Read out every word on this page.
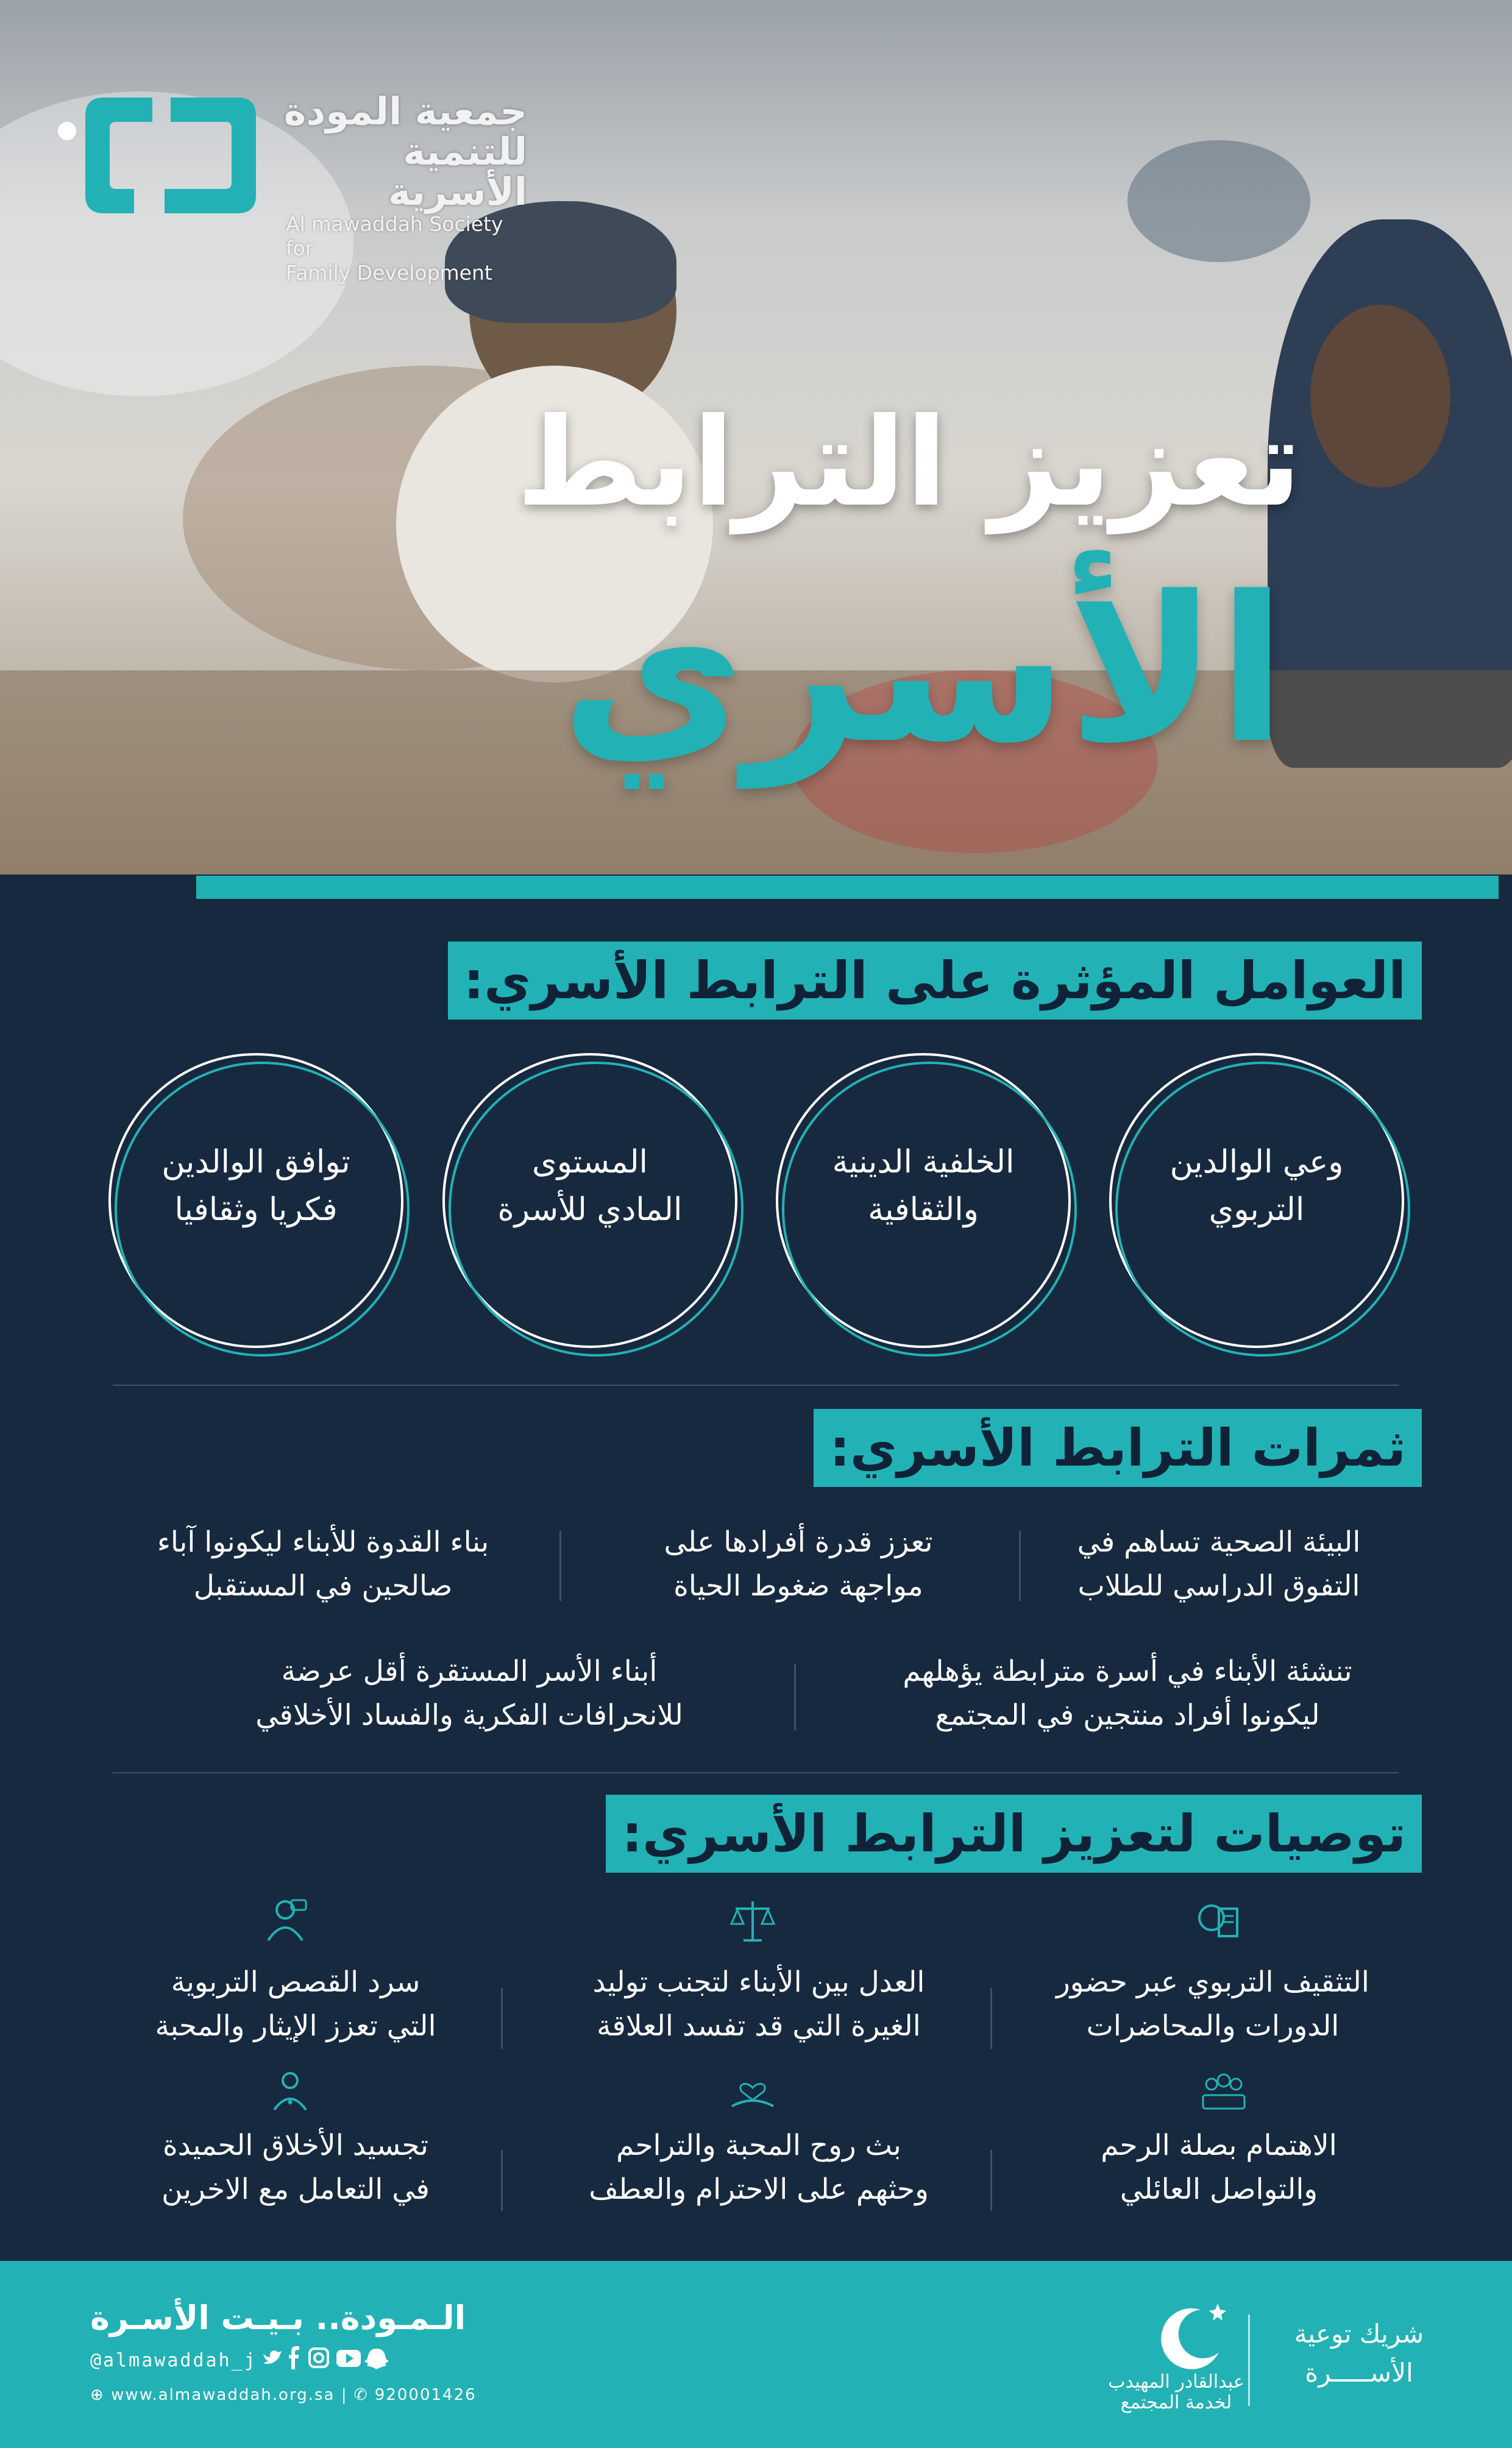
جمعية المودة
للتنمية الأسرية
Al mawaddah Society for
Family Development
تعزيز الترابط
الأسري
العوامل المؤثرة على الترابط الأسري:
وعي الوالدين
التربوي
الخلفية الدينية
والثقافية
المستوى
المادي للأسرة
توافق الوالدين
فكريا وثقافيا
ثمرات الترابط الأسري:
البيئة الصحية تساهم في
التفوق الدراسي للطلاب
تعزز قدرة أفرادها على
مواجهة ضغوط الحياة
بناء القدوة للأبناء ليكونوا آباء
صالحين في المستقبل
تنشئة الأبناء في أسرة مترابطة يؤهلهم
ليكونوا أفراد منتجين في المجتمع
أبناء الأسر المستقرة أقل عرضة
للانحرافات الفكرية والفساد الأخلاقي
توصيات لتعزيز الترابط الأسري:
التثقيف التربوي عبر حضور
الدورات والمحاضرات
العدل بين الأبناء لتجنب توليد
الغيرة التي قد تفسد العلاقة
سرد القصص التربوية
التي تعزز الإيثار والمحبة
الاهتمام بصلة الرحم
والتواصل العائلي
بث روح المحبة والتراحم
وحثهم على الاحترام والعطف
تجسيد الأخلاق الحميدة
في التعامل مع الاخرين
الـمـودة.. بـيـت الأسـرة
@almawaddah_j
⊕ www.almawaddah.org.sa | ✆ 920001426
عبدالقادر المهيدب
لخدمة المجتمع
شريك توعية
الأســـــرة
